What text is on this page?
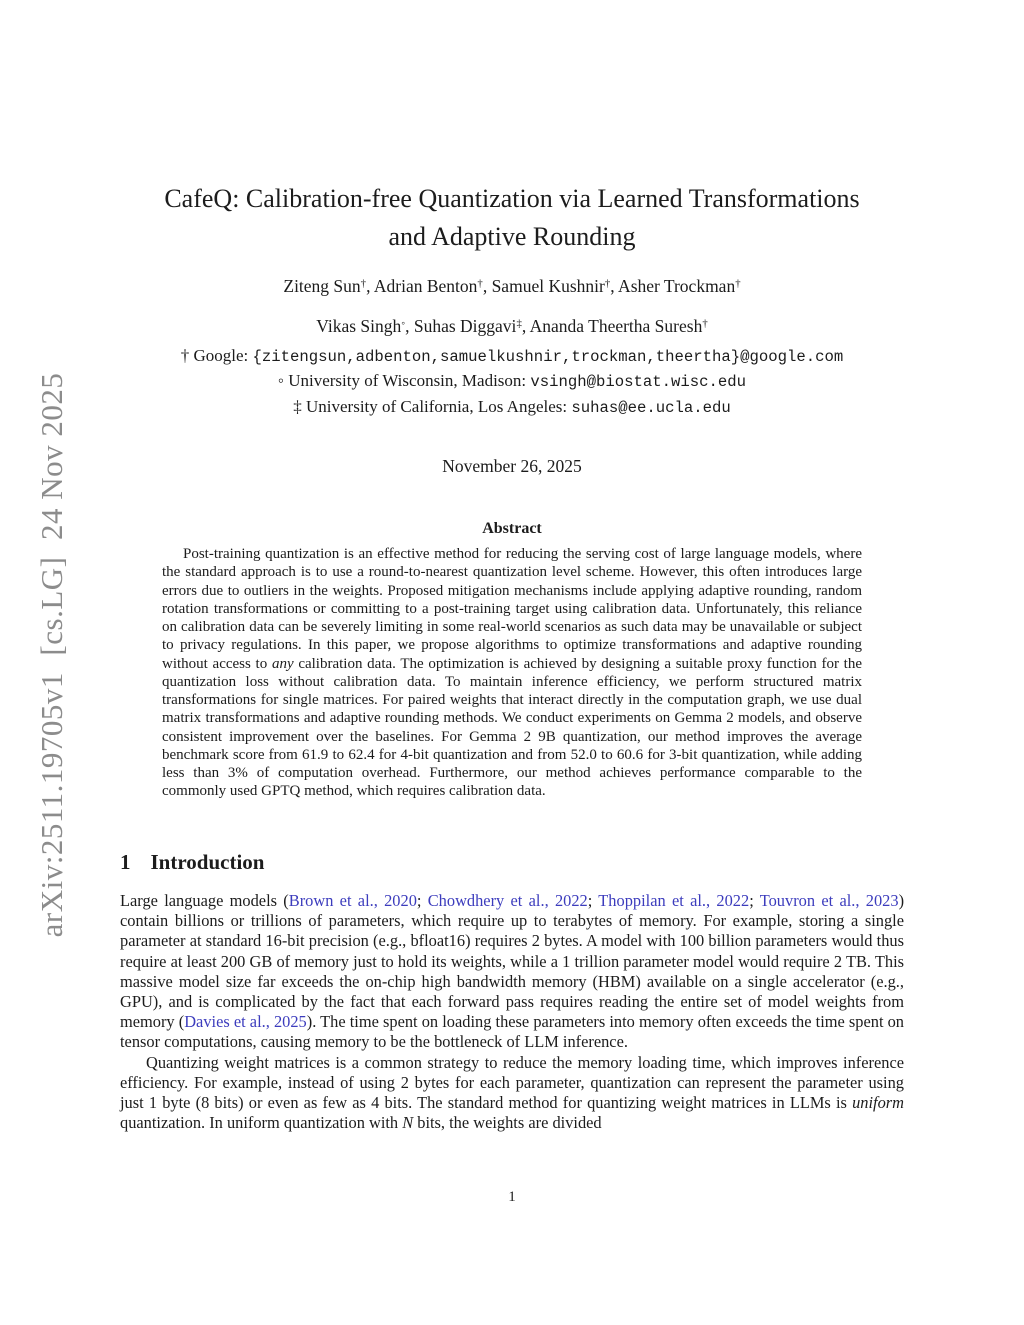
arXiv:2511.19705v1  [cs.LG]  24 Nov 2025
CafeQ: Calibration-free Quantization via Learned Transformations
and Adaptive Rounding
Ziteng Sun†, Adrian Benton†, Samuel Kushnir†, Asher Trockman†
Vikas Singh◦, Suhas Diggavi‡, Ananda Theertha Suresh†
† Google: {zitengsun,adbenton,samuelkushnir,trockman,theertha}@google.com
◦ University of Wisconsin, Madison: vsingh@biostat.wisc.edu
‡ University of California, Los Angeles: suhas@ee.ucla.edu
November 26, 2025
Abstract
Post-training quantization is an effective method for reducing the serving cost of large language models, where the standard approach is to use a round-to-nearest quantization level scheme. However, this often introduces large errors due to outliers in the weights. Proposed mitigation mechanisms include applying adaptive rounding, random rotation transformations or committing to a post-training target using calibration data. Unfortunately, this reliance on calibration data can be severely limiting in some real-world scenarios as such data may be unavailable or subject to privacy regulations. In this paper, we propose algorithms to optimize transformations and adaptive rounding without access to any calibration data. The optimization is achieved by designing a suitable proxy function for the quantization loss without calibration data. To maintain inference efficiency, we perform structured matrix transformations for single matrices. For paired weights that interact directly in the computation graph, we use dual matrix transformations and adaptive rounding methods. We conduct experiments on Gemma 2 models, and observe consistent improvement over the baselines. For Gemma 2 9B quantization, our method improves the average benchmark score from 61.9 to 62.4 for 4-bit quantization and from 52.0 to 60.6 for 3-bit quantization, while adding less than 3% of computation overhead. Furthermore, our method achieves performance comparable to the commonly used GPTQ method, which requires calibration data.
1 Introduction

Large language models (Brown et al., 2020; Chowdhery et al., 2022; Thoppilan et al., 2022; Touvron et al., 2023) contain billions or trillions of parameters, which require up to terabytes of memory. For example, storing a single parameter at standard 16-bit precision (e.g., bfloat16) requires 2 bytes. A model with 100 billion parameters would thus require at least 200 GB of memory just to hold its weights, while a 1 trillion parameter model would require 2 TB. This massive model size far exceeds the on-chip high bandwidth memory (HBM) available on a single accelerator (e.g., GPU), and is complicated by the fact that each forward pass requires reading the entire set of model weights from memory (Davies et al., 2025). The time spent on loading these parameters into memory often exceeds the time spent on tensor computations, causing memory to be the bottleneck of LLM inference.

Quantizing weight matrices is a common strategy to reduce the memory loading time, which improves inference efficiency. For example, instead of using 2 bytes for each parameter, quantization can represent the parameter using just 1 byte (8 bits) or even as few as 4 bits. The standard method for quantizing weight matrices in LLMs is uniform quantization. In uniform quantization with N bits, the weights are divided

1
